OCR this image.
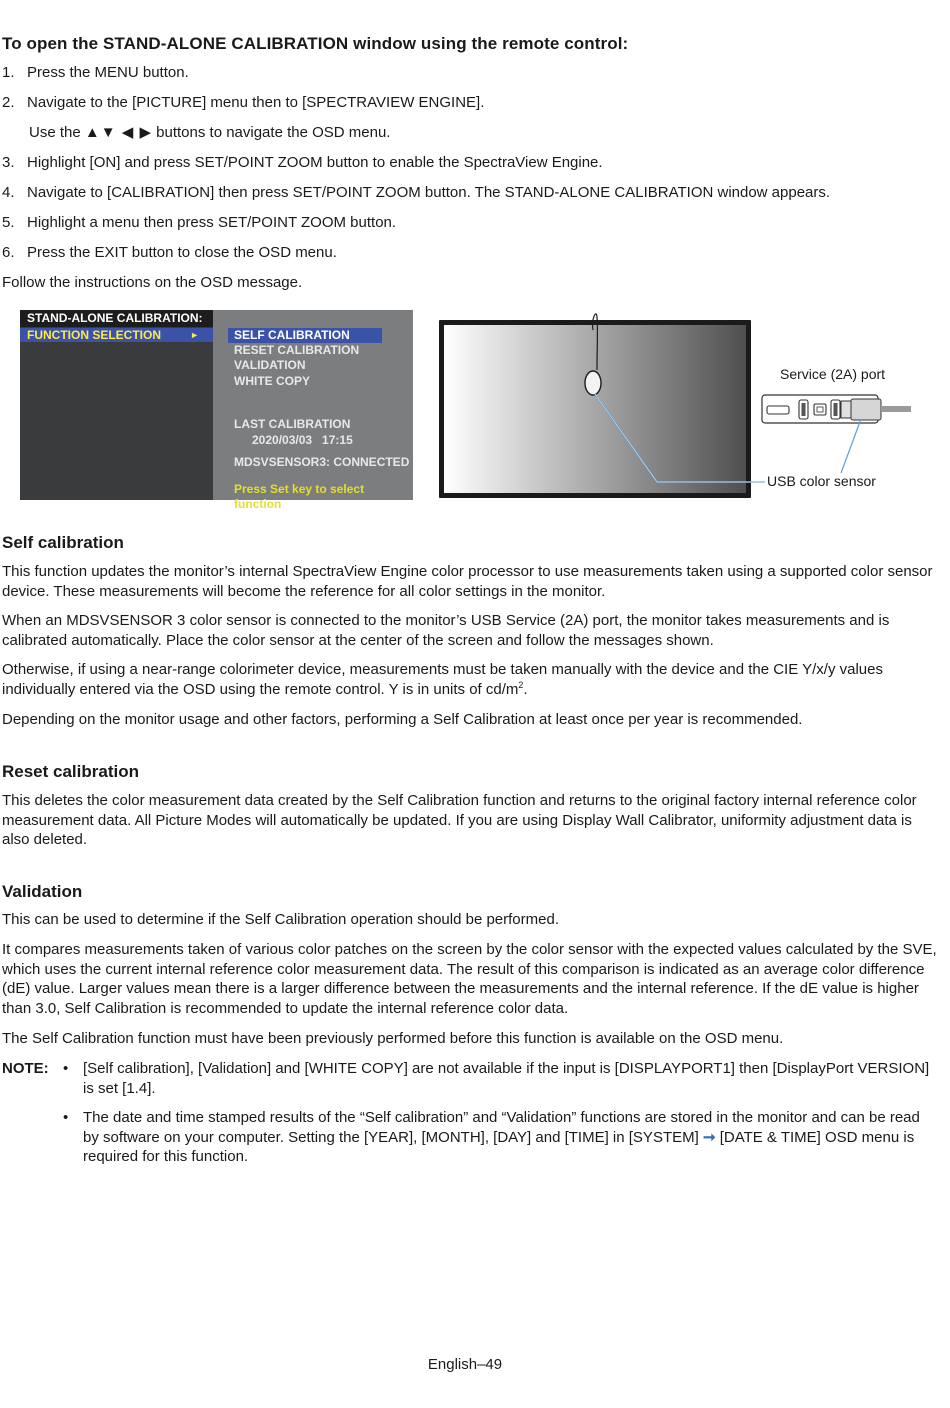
To open the STAND-ALONE CALIBRATION window using the remote control:
1. Press the MENU button.
2. Navigate to the [PICTURE] menu then to [SPECTRAVIEW ENGINE].
Use the ▲▼ ◀ ▶ buttons to navigate the OSD menu.
3. Highlight [ON] and press SET/POINT ZOOM button to enable the SpectraView Engine.
4. Navigate to [CALIBRATION] then press SET/POINT ZOOM button. The STAND-ALONE CALIBRATION window appears.
5. Highlight a menu then press SET/POINT ZOOM button.
6. Press the EXIT button to close the OSD menu.
Follow the instructions on the OSD message.
STAND-ALONE CALIBRATION:
FUNCTION SELECTION	►	SELF CALIBRATION
RESET CALIBRATION
VALIDATION
WHITE COPY
LAST CALIBRATION
2020/03/03   17:15
MDSVSENSOR3: CONNECTED
Press Set key to select function
Service (2A) port
USB color sensor
Self calibration

This function updates the monitor’s internal SpectraView Engine color processor to use measurements taken using a supported color sensor device. These measurements will become the reference for all color settings in the monitor.

When an MDSVSENSOR 3 color sensor is connected to the monitor’s USB Service (2A) port, the monitor takes measurements and is calibrated automatically. Place the color sensor at the center of the screen and follow the messages shown.

Otherwise, if using a near-range colorimeter device, measurements must be taken manually with the device and the CIE Y/x/y values individually entered via the OSD using the remote control. Y is in units of $cd/m^2$.

Depending on the monitor usage and other factors, performing a Self Calibration at least once per year is recommended.

Reset calibration

This deletes the color measurement data created by the Self Calibration function and returns to the original factory internal reference color measurement data. All Picture Modes will automatically be updated. If you are using Display Wall Calibrator, uniformity adjustment data is also deleted.

Validation

This can be used to determine if the Self Calibration operation should be performed.

It compares measurements taken of various color patches on the screen by the color sensor with the expected values calculated by the SVE, which uses the current internal reference color measurement data. The result of this comparison is indicated as an average color difference (dE) value. Larger values mean there is a larger difference between the measurements and the internal reference. If the dE value is higher than 3.0, Self Calibration is recommended to update the internal reference color data.

The Self Calibration function must have been previously performed before this function is available on the OSD menu.

NOTE: • [Self calibration], [Validation] and [WHITE COPY] are not available if the input is [DISPLAYPORT1] then [DisplayPort VERSION] is set [1.4].

• The date and time stamped results of the “Self calibration” and “Validation” functions are stored in the monitor and can be read by software on your computer. Setting the [YEAR], [MONTH], [DAY] and [TIME] in [SYSTEM] ➞ [DATE & TIME] OSD menu is required for this function.

English–49
